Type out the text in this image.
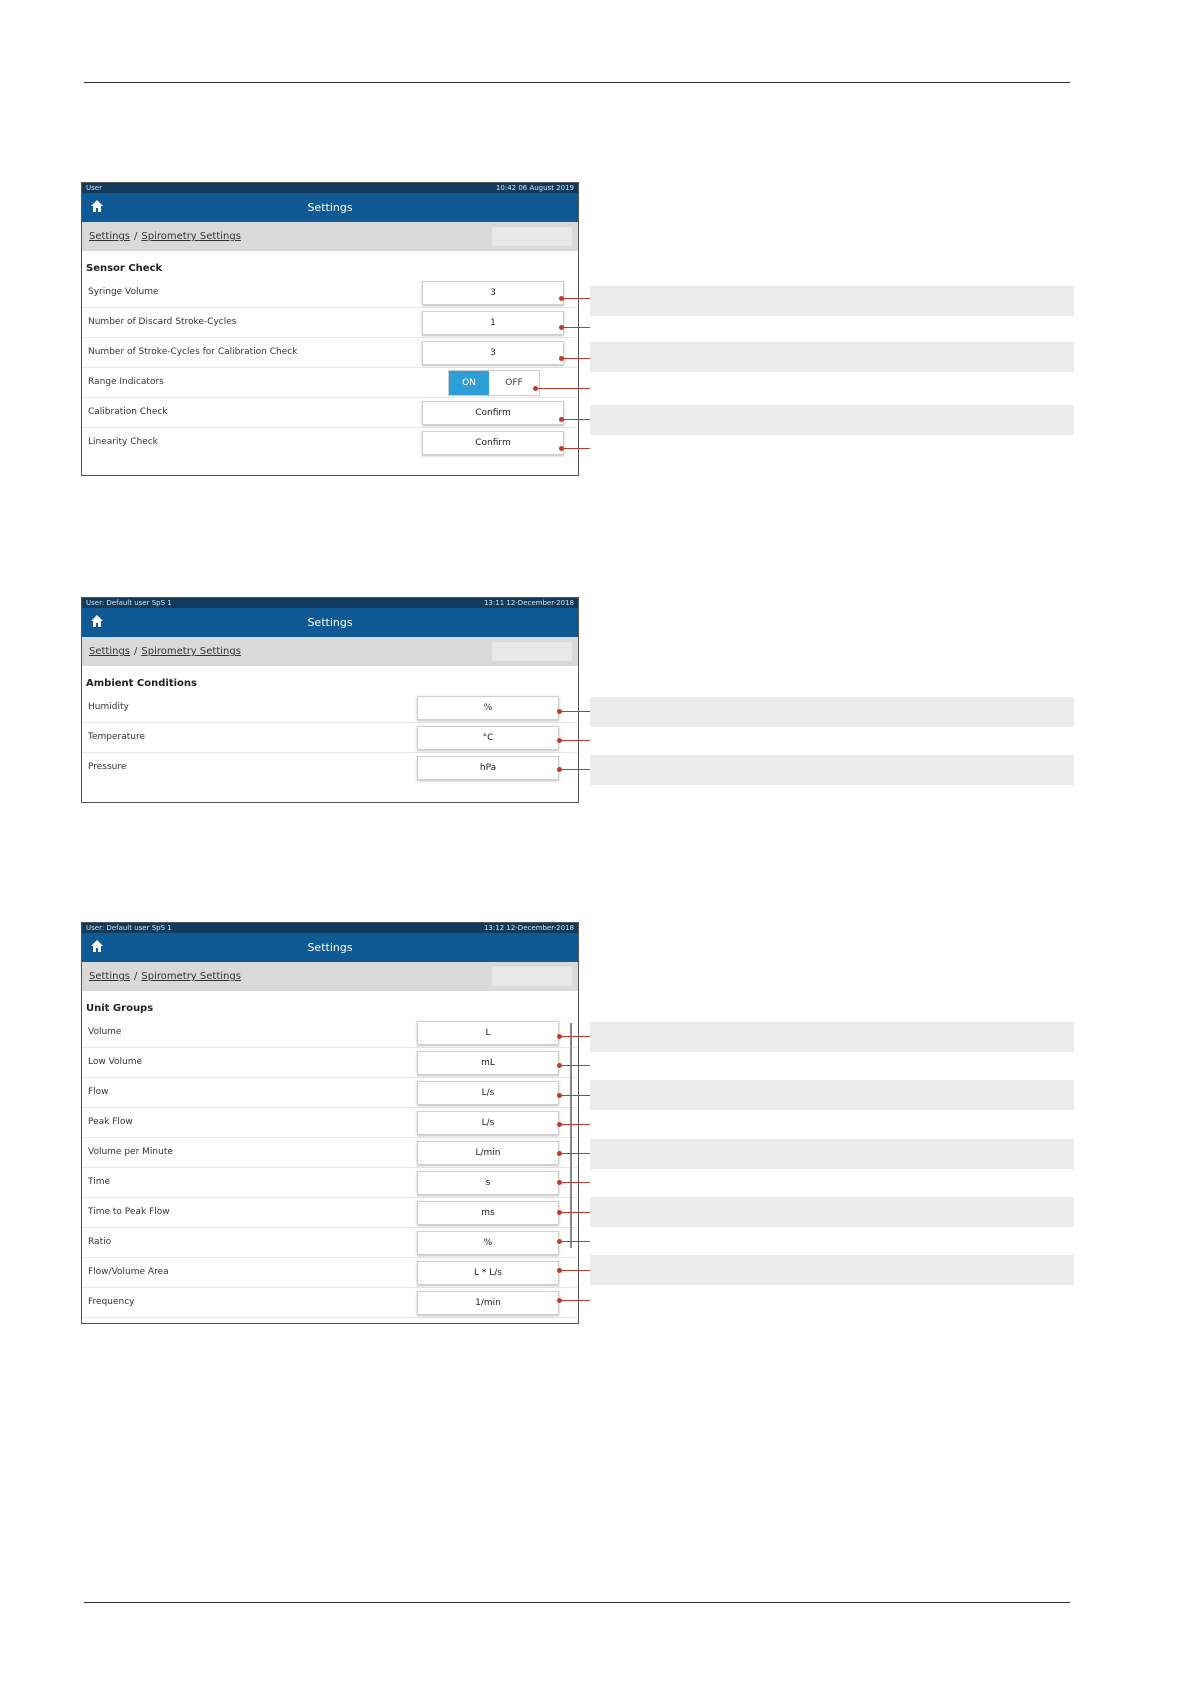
User	10:42 06 August 2019
Settings
Settings / Spirometry Settings
Sensor Check
Syringe Volume	3
Number of Discard Stroke-Cycles	1
Number of Stroke-Cycles for Calibration Check	3
Range Indicators	ON	OFF
Calibration Check	Confirm
Linearity Check	Confirm
User: Default user SpS 1	13:11 12-December-2018
Settings
Settings / Spirometry Settings
Ambient Conditions
Humidity	%
Temperature	°C
Pressure	hPa
User: Default user SpS 1	13:12 12-December-2018
Settings
Settings / Spirometry Settings
Unit Groups
Volume	L
Low Volume	mL
Flow	L/s
Peak Flow	L/s
Volume per Minute	L/min
Time	s
Time to Peak Flow	ms
Ratio	%
Flow/Volume Area	L * L/s
Frequency	1/min
